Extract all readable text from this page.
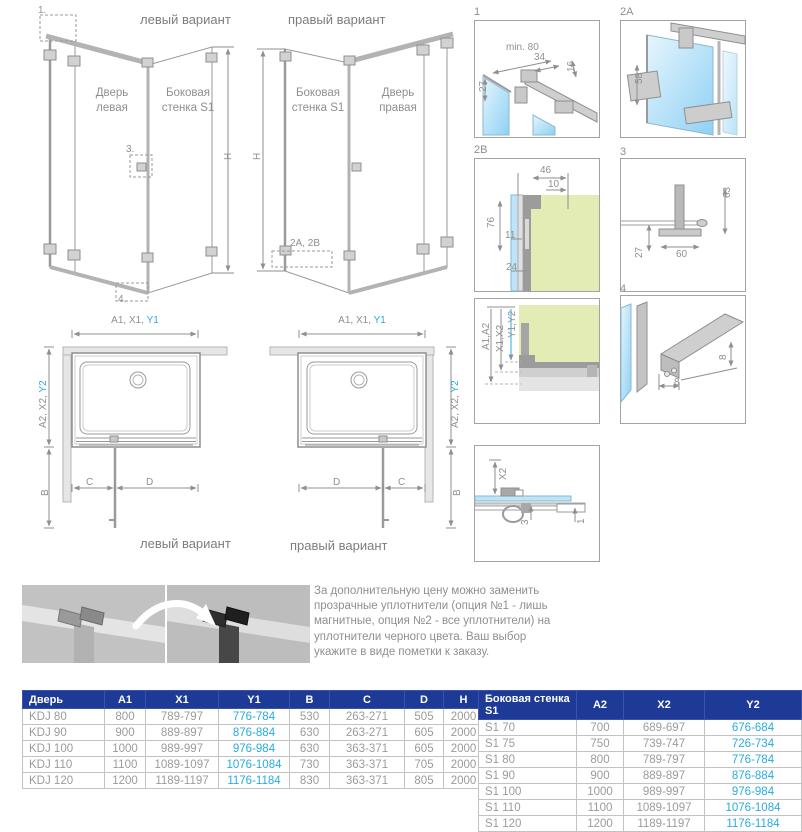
левый вариант
1.
3.
4.
H
Дверь
левая
Боковая
стенка S1
правый вариант
H
2A, 2B
Боковая
стенка S1
Дверь
правая
A1, X1, Y1
A2, X2, Y2
B
C	D
левый вариант
A1, X1, Y1
A2, X2, Y2
B
D	C
правый вариант
1
min. 80
34
16
27
2A
58
2B
46
10
76
11
24
3
63
27	60
A1,A2 X1,X2
Y1,Y2
4
8
8
X2
3	1
За дополнительную цену можно заменить прозрачные уплотнители (опция №1 - лишь магнитные, опция №2 - все уплотнители) на уплотнители черного цвета. Ваш выбор укажите в виде пометки к заказу.
Дверь	A1	X1	Y1	B	C	D	H
KDJ 80	800	789-797	776-784	530	263-271	505	2000
KDJ 90	900	889-897	876-884	630	263-271	605	2000
KDJ 100	1000	989-997	976-984	630	363-371	605	2000
KDJ 110	1100	1089-1097	1076-1084	730	363-371	705	2000
KDJ 120	1200	1189-1197	1176-1184	830	363-371	805	2000
Боковая стенка S1	A2	X2	Y2
S1 70	700	689-697	676-684
S1 75	750	739-747	726-734
S1 80	800	789-797	776-784
S1 90	900	889-897	876-884
S1 100	1000	989-997	976-984
S1 110	1100	1089-1097	1076-1084
S1 120	1200	1189-1197	1176-1184
